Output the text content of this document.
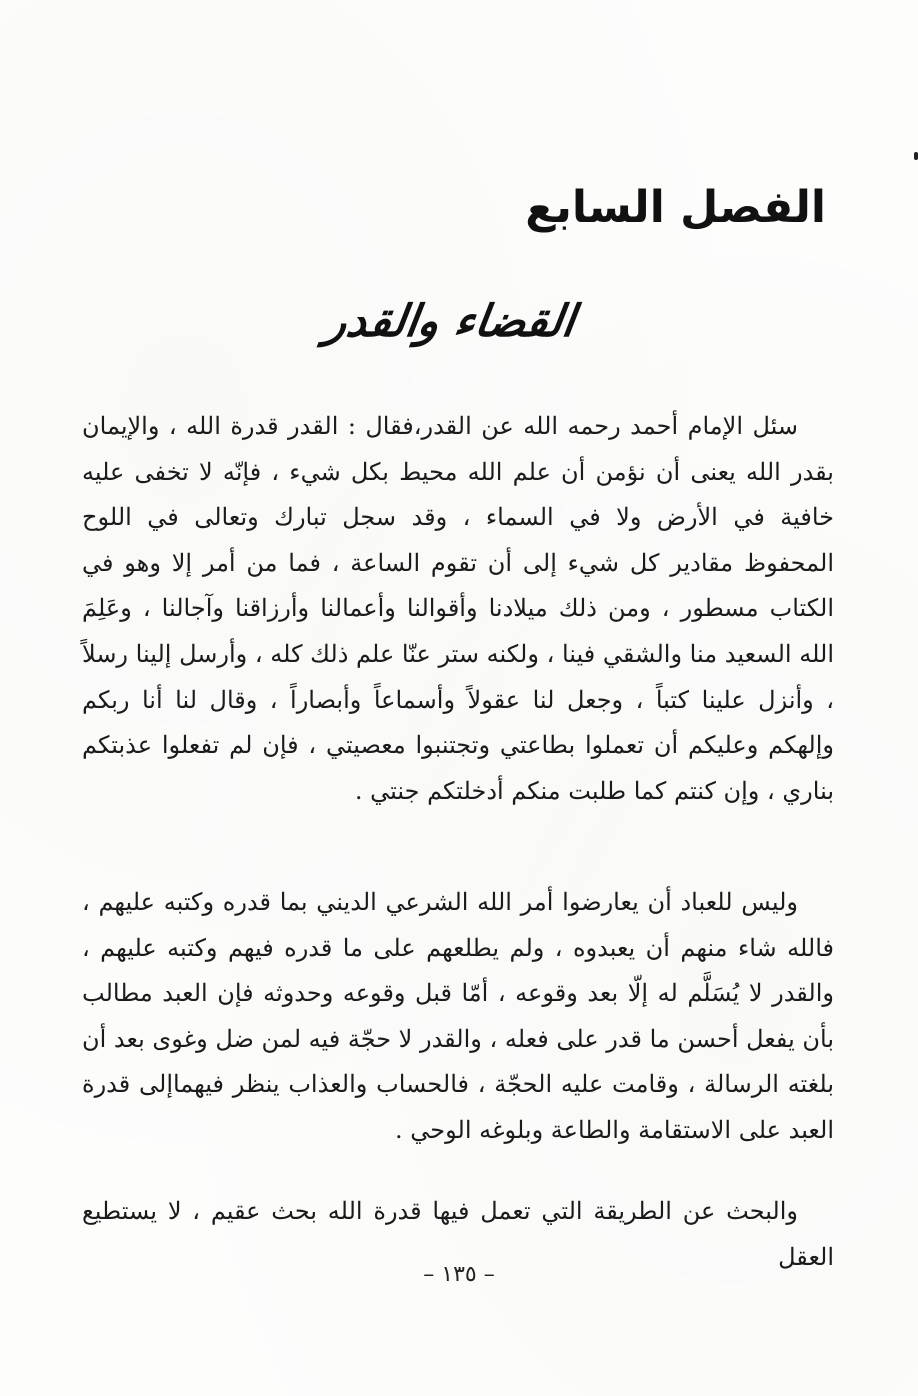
الفصل السابع
القضاء والقدر

سئل الإمام أحمد رحمه الله عن القدر،فقال : القدر قدرة الله ، والإيمان بقدر الله يعنى أن نؤمن أن علم الله محيط بكل شيء ، فإنّه لا تخفى عليه خافية في الأرض ولا في السماء ، وقد سجل تبارك وتعالى في اللوح المحفوظ مقادير كل شيء إلى أن تقوم الساعة ، فما من أمر إلا وهو في الكتاب مسطور ، ومن ذلك ميلادنا وأقوالنا وأعمالنا وأرزاقنا وآجالنا ، وعَلِمَ الله السعيد منا والشقي فينا ، ولكنه ستر عنّا علم ذلك كله ، وأرسل إلينا رسلاً ، وأنزل علينا كتباً ، وجعل لنا عقولاً وأسماعاً وأبصاراً ، وقال لنا أنا ربكم وإلهكم وعليكم أن تعملوا بطاعتي وتجتنبوا معصيتي ، فإن لم تفعلوا عذبتكم بناري ، وإن كنتم كما طلبت منكم أدخلتكم جنتي .

وليس للعباد أن يعارضوا أمر الله الشرعي الديني بما قدره وكتبه عليهم ، فالله شاء منهم أن يعبدوه ، ولم يطلعهم على ما قدره فيهم وكتبه عليهم ، والقدر لا يُسَلَّم له إلّا بعد وقوعه ، أمّا قبل وقوعه وحدوثه فإن العبد مطالب بأن يفعل أحسن ما قدر على فعله ، والقدر لا حجّة فيه لمن ضل وغوى بعد أن بلغته الرسالة ، وقامت عليه الحجّة ، فالحساب والعذاب ينظر فيهماإلى قدرة العبد على الاستقامة والطاعة وبلوغه الوحي .

والبحث عن الطريقة التي تعمل فيها قدرة الله بحث عقيم ، لا يستطيع العقل

– ١٣٥ –
